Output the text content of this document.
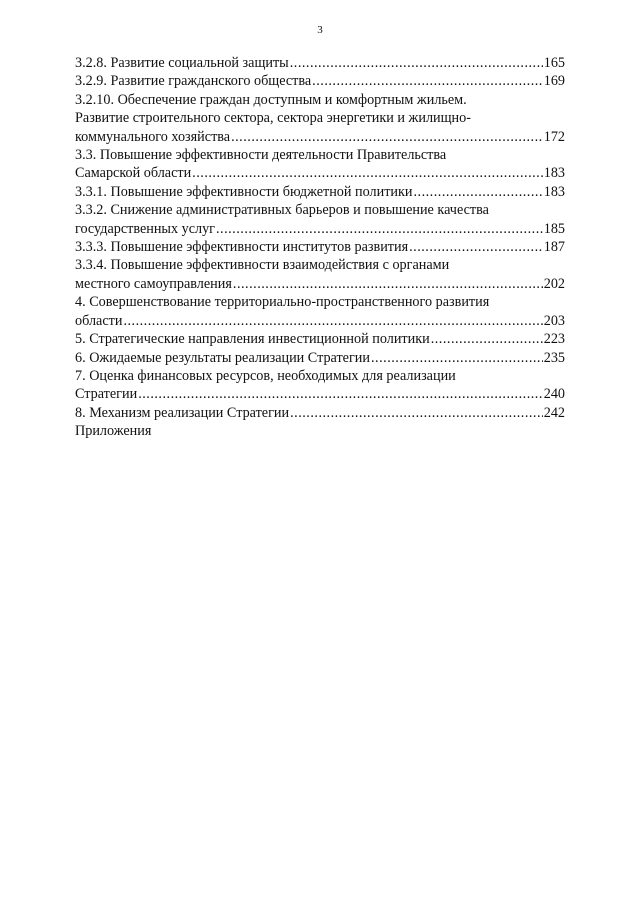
3
3.2.8. Развитие социальной защиты .....	165
3.2.9. Развитие гражданского общества .....	169
3.2.10. Обеспечение граждан доступным и комфортным жильем.
Развитие строительного сектора, сектора энергетики и жилищно-
коммунального хозяйства .....	172
3.3. Повышение эффективности деятельности Правительства
Самарской области .....	183
3.3.1. Повышение эффективности бюджетной политики .....	183
3.3.2. Снижение административных барьеров и повышение качества
государственных услуг .....	185
3.3.3. Повышение эффективности институтов развития .....	187
3.3.4. Повышение эффективности взаимодействия с органами
местного самоуправления .....	202
4. Совершенствование территориально-пространственного развития
области .....	203
5. Стратегические направления инвестиционной политики .....	223
6. Ожидаемые результаты реализации Стратегии .....	235
7. Оценка финансовых ресурсов, необходимых для реализации
Стратегии .....	240
8. Механизм реализации Стратегии .....	242
Приложения
